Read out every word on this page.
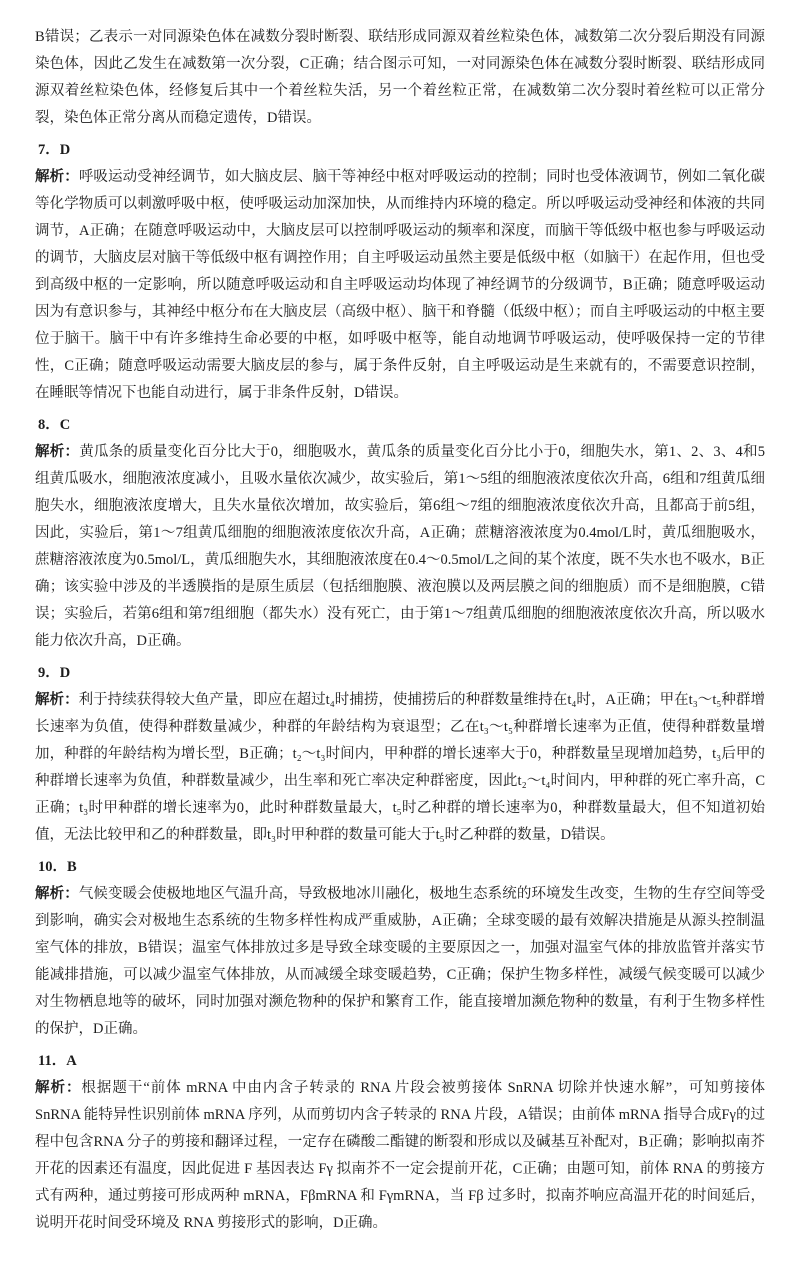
B错误；乙表示一对同源染色体在减数分裂时断裂、联结形成同源双着丝粒染色体，减数第二次分裂后期没有同源染色体，因此乙发生在减数第一次分裂，C正确；结合图示可知，一对同源染色体在减数分裂时断裂、联结形成同源双着丝粒染色体，经修复后其中一个着丝粒失活，另一个着丝粒正常，在减数第二次分裂时着丝粒可以正常分裂，染色体正常分离从而稳定遗传，D错误。

7．D

解析：呼吸运动受神经调节，如大脑皮层、脑干等神经中枢对呼吸运动的控制；同时也受体液调节，例如二氧化碳等化学物质可以刺激呼吸中枢，使呼吸运动加深加快，从而维持内环境的稳定。所以呼吸运动受神经和体液的共同调节，A正确；在随意呼吸运动中，大脑皮层可以控制呼吸运动的频率和深度，而脑干等低级中枢也参与呼吸运动的调节，大脑皮层对脑干等低级中枢有调控作用；自主呼吸运动虽然主要是低级中枢（如脑干）在起作用，但也受到高级中枢的一定影响，所以随意呼吸运动和自主呼吸运动均体现了神经调节的分级调节，B正确；随意呼吸运动因为有意识参与，其神经中枢分布在大脑皮层（高级中枢）、脑干和脊髓（低级中枢）；而自主呼吸运动的中枢主要位于脑干。脑干中有许多维持生命必要的中枢，如呼吸中枢等，能自动地调节呼吸运动，使呼吸保持一定的节律性，C正确；随意呼吸运动需要大脑皮层的参与，属于条件反射，自主呼吸运动是生来就有的，不需要意识控制，在睡眠等情况下也能自动进行，属于非条件反射，D错误。

8．C

解析：黄瓜条的质量变化百分比大于0，细胞吸水，黄瓜条的质量变化百分比小于0，细胞失水，第1、2、3、4和5组黄瓜吸水，细胞液浓度减小，且吸水量依次减少，故实验后，第1～5组的细胞液浓度依次升高，6组和7组黄瓜细胞失水，细胞液浓度增大，且失水量依次增加，故实验后，第6组～7组的细胞液浓度依次升高，且都高于前5组，因此，实验后，第1～7组黄瓜细胞的细胞液浓度依次升高，A正确；蔗糖溶液浓度为0.4mol/L时，黄瓜细胞吸水，蔗糖溶液浓度为0.5mol/L，黄瓜细胞失水，其细胞液浓度在0.4～0.5mol/L之间的某个浓度，既不失水也不吸水，B正确；该实验中涉及的半透膜指的是原生质层（包括细胞膜、液泡膜以及两层膜之间的细胞质）而不是细胞膜，C错误；实验后，若第6组和第7组细胞（都失水）没有死亡，由于第1～7组黄瓜细胞的细胞液浓度依次升高，所以吸水能力依次升高，D正确。

9．D

解析：利于持续获得较大鱼产量，即应在超过t₄时捕捞，使捕捞后的种群数量维持在t₄时，A正确；甲在t₃～t₅种群增长速率为负值，使得种群数量减少，种群的年龄结构为衰退型；乙在t₃～t₅种群增长速率为正值，使得种群数量增加，种群的年龄结构为增长型，B正确；t₂～t₃时间内，甲种群的增长速率大于0，种群数量呈现增加趋势，t₃后甲的种群增长速率为负值，种群数量减少，出生率和死亡率决定种群密度，因此t₂～t₄时间内，甲种群的死亡率升高，C正确；t₃时甲种群的增长速率为0，此时种群数量最大，t₅时乙种群的增长速率为0，种群数量最大，但不知道初始值，无法比较甲和乙的种群数量，即t₃时甲种群的数量可能大于t₅时乙种群的数量，D错误。

10．B

解析：气候变暖会使极地地区气温升高，导致极地冰川融化，极地生态系统的环境发生改变，生物的生存空间等受到影响，确实会对极地生态系统的生物多样性构成严重威胁，A正确；全球变暖的最有效解决措施是从源头控制温室气体的排放，B错误；温室气体排放过多是导致全球变暖的主要原因之一，加强对温室气体的排放监管并落实节能减排措施，可以减少温室气体排放，从而减缓全球变暖趋势，C正确；保护生物多样性，减缓气候变暖可以减少对生物栖息地等的破坏，同时加强对濒危物种的保护和繁育工作，能直接增加濒危物种的数量，有利于生物多样性的保护，D正确。

11．A

解析：根据题干“前体 mRNA 中由内含子转录的 RNA 片段会被剪接体 SnRNA 切除并快速水解”，可知剪接体 SnRNA 能特异性识别前体 mRNA 序列，从而剪切内含子转录的 RNA 片段，A错误；由前体 mRNA 指导合成Fγ的过程中包含RNA 分子的剪接和翻译过程，一定存在磷酸二酯键的断裂和形成以及碱基互补配对，B正确；影响拟南芥开花的因素还有温度，因此促进 F 基因表达 Fγ 拟南芥不一定会提前开花，C正确；由题可知，前体 RNA 的剪接方式有两种，通过剪接可形成两种 mRNA，FβmRNA 和 FγmRNA，当 Fβ 过多时，拟南芥响应高温开花的时间延后，说明开花时间受环境及 RNA 剪接形式的影响，D正确。
